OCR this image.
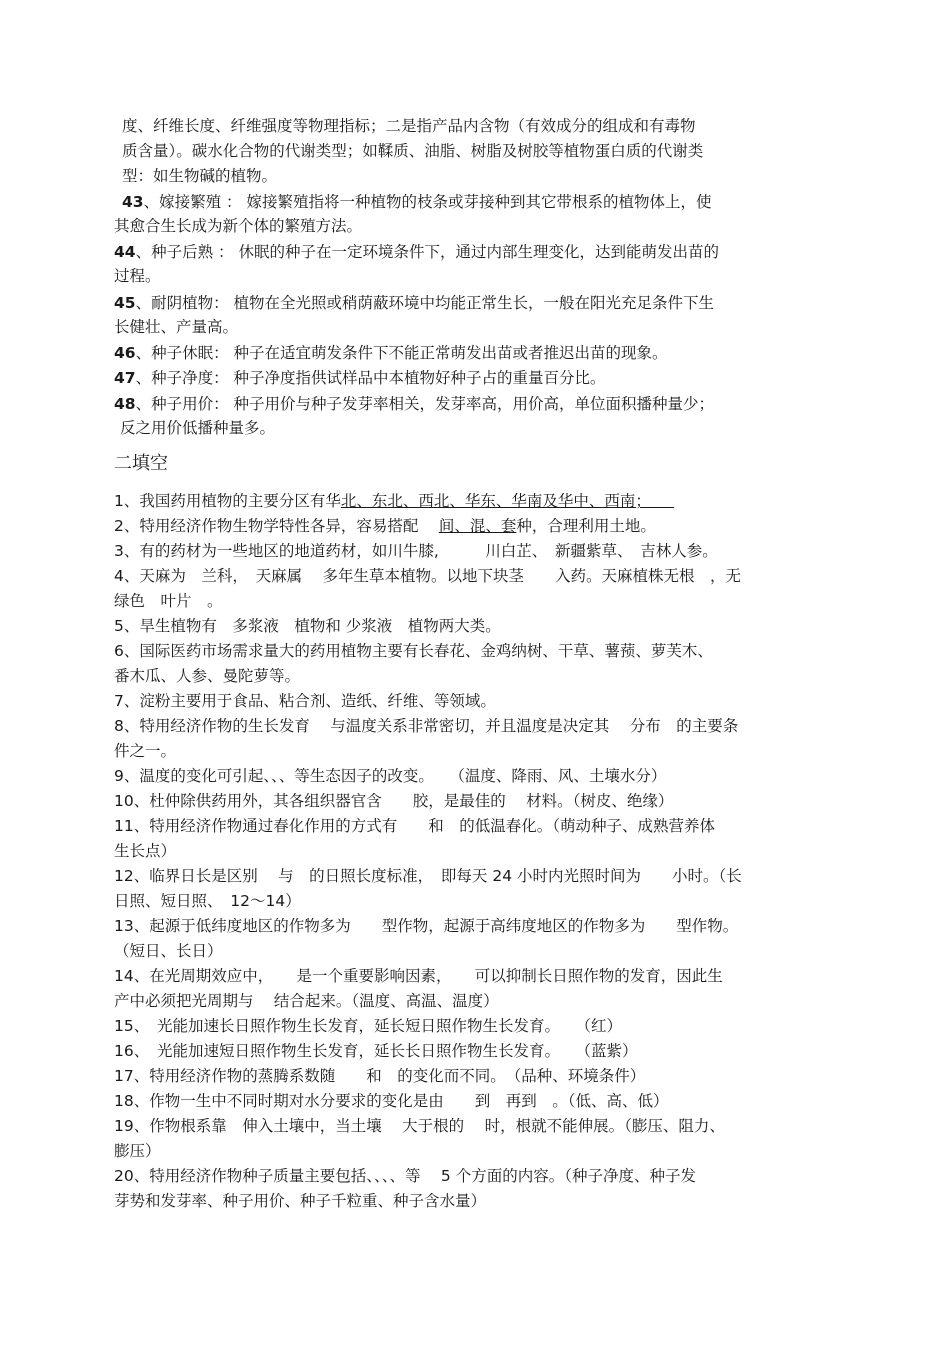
度、纤维长度、纤维强度等物理指标；二是指产品内含物（有效成分的组成和有毒物
质含量）。碳水化合物的代谢类型；如鞣质、油脂、树脂及树胶等植物蛋白质的代谢类
型：如生物碱的植物。
43、嫁接繁殖 ： 嫁接繁殖指将一种植物的枝条或芽接种到其它带根系的植物体上，使
其愈合生长成为新个体的繁殖方法。
44、种子后熟 ： 休眠的种子在一定环境条件下，通过内部生理变化，达到能萌发出苗的
过程。
45、耐阴植物： 植物在全光照或稍荫蔽环境中均能正常生长，一般在阳光充足条件下生
长健壮、产量高。
46、种子休眠： 种子在适宜萌发条件下不能正常萌发出苗或者推迟出苗的现象。
47、种子净度： 种子净度指供试样品中本植物好种子占的重量百分比。
48、种子用价： 种子用价与种子发芽率相关，发芽率高，用价高，单位面积播种量少；
反之用价低播种量多。
二填空
1、我国药用植物的主要分区有华北、东北、西北、华东、华南及华中、西南；　　
2、特用经济作物生物学特性各异，容易搭配　 间、混、套种，合理利用土地。
3、有的药材为一些地区的地道药材，如川牛膝,　　　川白芷、　新疆紫草、　吉林人参。
4、天麻为　兰科，　天麻属　 多年生草本植物。以地下块茎　　入药。天麻植株无根　，无
绿色　叶片　。
5、旱生植物有　多浆液　植物和 少浆液　植物两大类。
6、国际医药市场需求量大的药用植物主要有长春花、金鸡纳树、干草、薯蓣、萝芙木、
番木瓜、人参、曼陀萝等。
7、淀粉主要用于食品、粘合剂、造纸、纤维、等领域。
8、特用经济作物的生长发育　 与温度关系非常密切，并且温度是决定其　 分布　的主要条
件之一。
9、温度的变化可引起、、、等生态因子的改变。　　（温度、降雨、风、土壤水分）
10、杜仲除供药用外，其各组织器官含　　胶，是最佳的　 材料。（树皮、绝缘）
11、特用经济作物通过春化作用的方式有　　和　的低温春化。（萌动种子、成熟营养体
生长点）
12、临界日长是区别　 与　的日照长度标准，　即每天 24 小时内光照时间为　　小时。（长
日照、短日照、　12～14）
13、起源于低纬度地区的作物多为　　型作物，起源于高纬度地区的作物多为　　型作物。
（短日、长日）
14、在光周期效应中，　　是一个重要影响因素，　　可以抑制长日照作物的发育，因此生
产中必须把光周期与　 结合起来。（温度、高温、温度）
15、　光能加速长日照作物生长发育，延长短日照作物生长发育。　　（红）
16、　光能加速短日照作物生长发育，延长长日照作物生长发育。　　（蓝紫）
17、特用经济作物的蒸腾系数随　　和　的变化而不同。　（品种、环境条件）
18、作物一生中不同时期对水分要求的变化是由　　到　再到　。（低、高、低）
19、作物根系靠　伸入土壤中，当土壤　 大于根的　 时，根就不能伸展。（膨压、阻力、
膨压）
20、特用经济作物种子质量主要包括、、、、等　 5 个方面的内容。（种子净度、种子发
芽势和发芽率、种子用价、种子千粒重、种子含水量）
